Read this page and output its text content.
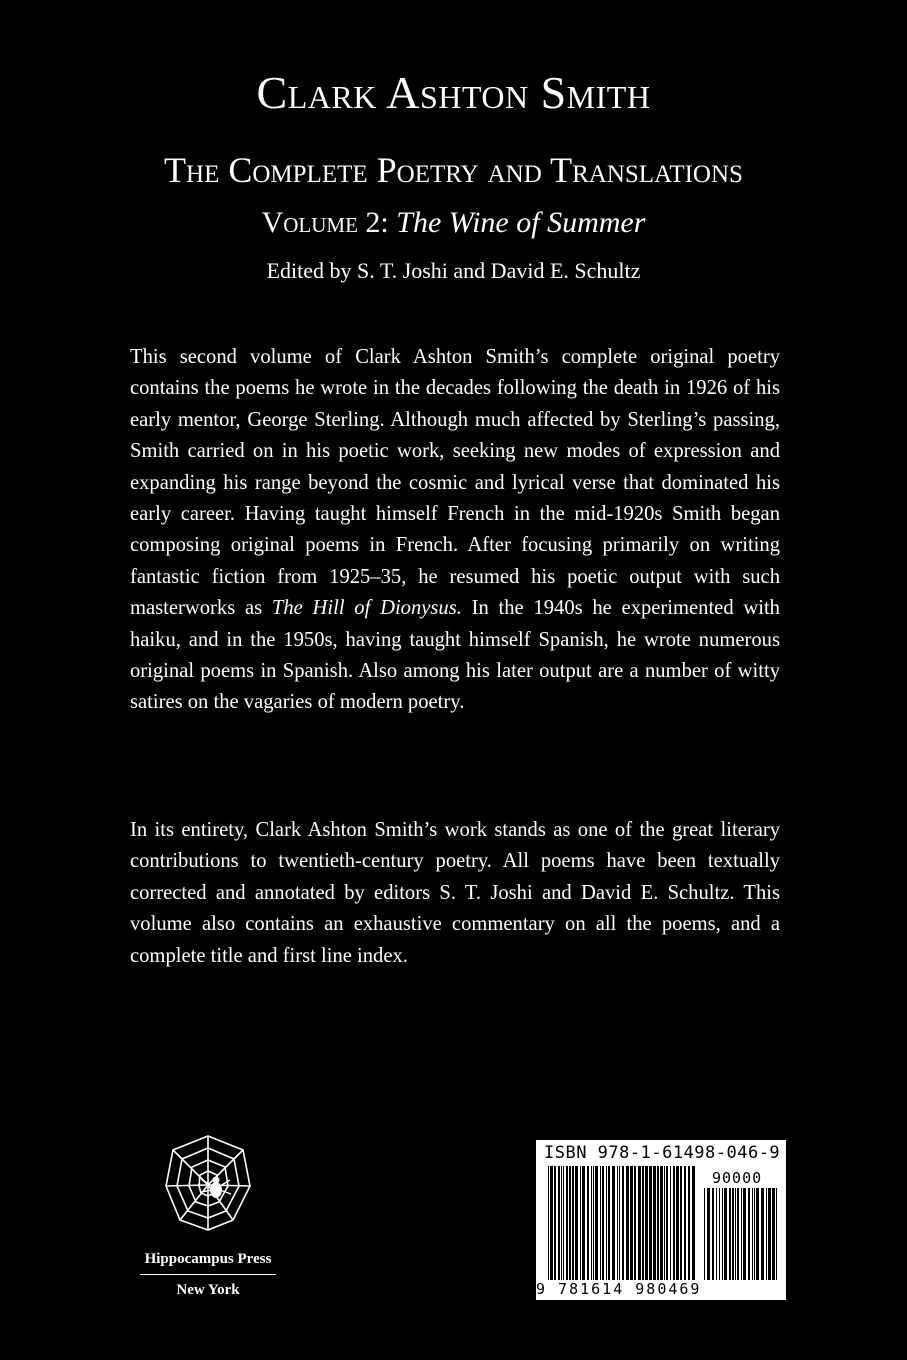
Clark Ashton Smith
The Complete Poetry and Translations
Volume 2: The Wine of Summer
Edited by S. T. Joshi and David E. Schultz

This second volume of Clark Ashton Smith’s complete original poetry contains the poems he wrote in the decades following the death in 1926 of his early mentor, George Sterling. Although much affected by Sterling’s passing, Smith carried on in his poetic work, seeking new modes of expression and expanding his range beyond the cosmic and lyrical verse that dominated his early career. Having taught himself French in the mid-1920s Smith began composing original poems in French. After focusing primarily on writing fantastic fiction from 1925–35, he resumed his poetic output with such masterworks as The Hill of Dionysus. In the 1940s he experimented with haiku, and in the 1950s, having taught himself Spanish, he wrote numerous original poems in Spanish. Also among his later output are a number of witty satires on the vagaries of modern poetry.

In its entirety, Clark Ashton Smith’s work stands as one of the great literary contributions to twentieth-century poetry. All poems have been textually corrected and annotated by editors S. T. Joshi and David E. Schultz. This volume also contains an exhaustive commentary on all the poems, and a complete title and first line index.

Hippocampus Press
New York
ISBN 978-1-61498-046-9
90000
9 781614 980469
